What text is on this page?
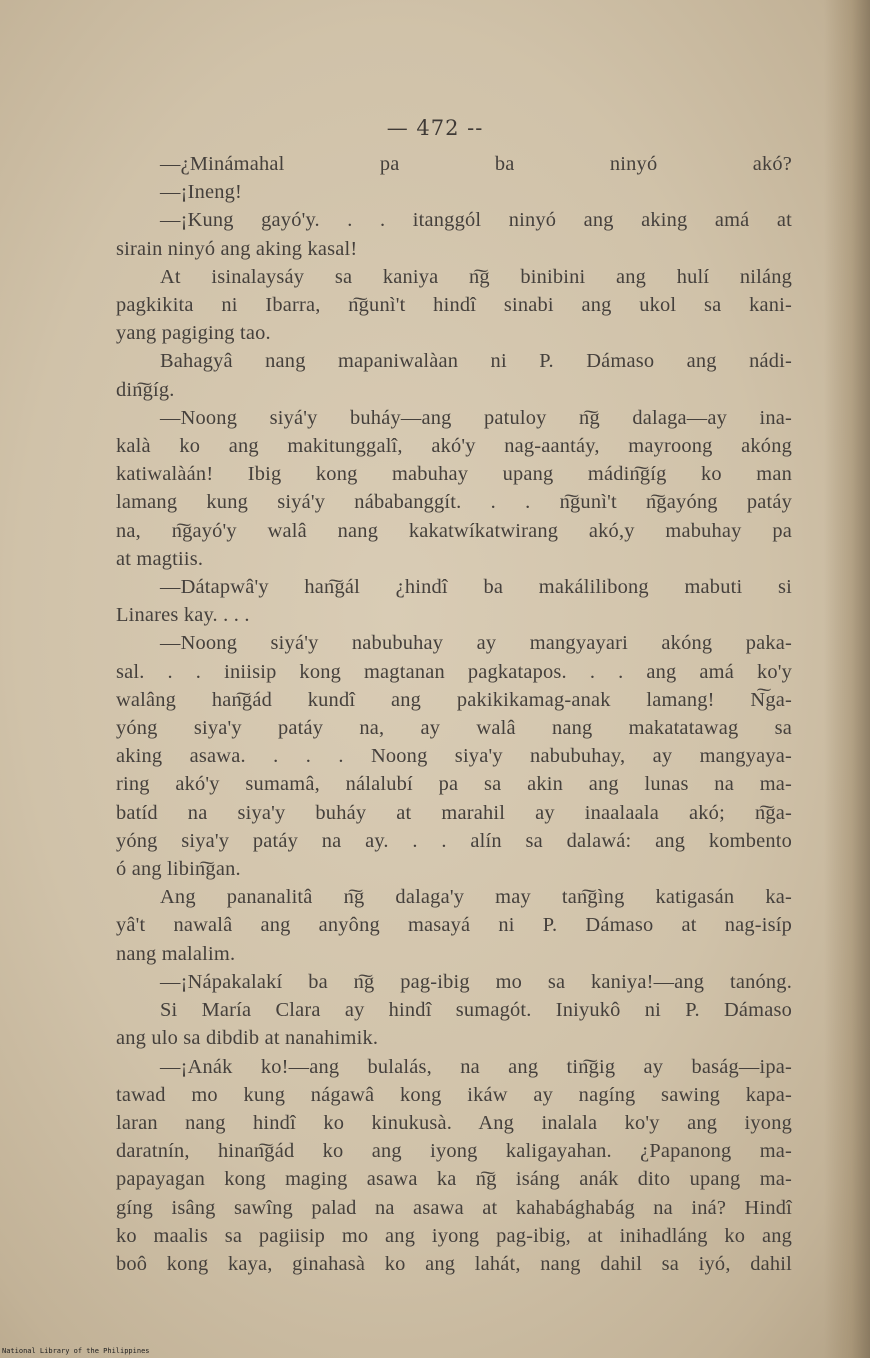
— 472 --

—¿Minámahal pa ba ninyó akó?

—¡Ineng!

—¡Kung gayó'y. . . itanggól ninyó ang aking amá at

sirain ninyó ang aking kasal!

At isinalaysáy sa kaniya n͠g binibini ang hulí niláng

pagkikita ni Ibarra, n͠gunì't hindî sinabi ang ukol sa kani-

yang pagiging tao.

Bahagyâ nang mapaniwalàan ni P. Dámaso ang nádi-

din͠gíg.

—Noong siyá'y buháy—ang patuloy n͠g dalaga—ay ina-

kalà ko ang makitunggalî, akó'y nag-aantáy, mayroong akóng

katiwalàán! Ibig kong mabuhay upang mádin͠gíg ko man

lamang kung siyá'y nábabanggít. . . n͠gunì't n͠gayóng patáy

na, n͠gayó'y walâ nang kakatwíkatwirang akó,y mabuhay pa

at magtiis.

—Dátapwâ'y han͠gál ¿hindî ba makálilibong mabuti si

Linares kay. . . .

—Noong siyá'y nabubuhay ay mangyayari akóng paka-

sal. . . iniisip kong magtanan pagkatapos. . . ang amá ko'y

walâng han͠gád kundî ang pakikikamag-anak lamang! N͠ga-

yóng siya'y patáy na, ay walâ nang makatatawag sa

aking asawa. . . . Noong siya'y nabubuhay, ay mangyaya-

ring akó'y sumamâ, nálalubí pa sa akin ang lunas na ma-

batíd na siya'y buháy at marahil ay inaalaala akó; n͠ga-

yóng siya'y patáy na ay. . . alín sa dalawá: ang kombento

ó ang libin͠gan.

Ang pananalitâ n͠g dalaga'y may tan͠gìng katigasán ka-

yâ't nawalâ ang anyông masayá ni P. Dámaso at nag-isíp

nang malalim.

—¡Nápakalakí ba n͠g pag-ibig mo sa kaniya!—ang tanóng.

Si María Clara ay hindî sumagót. Iniyukô ni P. Dámaso

ang ulo sa dibdib at nanahimik.

—¡Anák ko!—ang bulalás, na ang tin͠gig ay baság—ipa-

tawad mo kung nágawâ kong ikáw ay nagíng sawing kapa-

laran nang hindî ko kinukusà. Ang inalala ko'y ang iyong

daratnín, hinan͠gád ko ang iyong kaligayahan. ¿Papanong ma-

papayagan kong maging asawa ka n͠g isáng anák dito upang ma-

gíng isâng sawîng palad na asawa at kahabághabág na iná? Hindî

ko maalis sa pagiisip mo ang iyong pag-ibig, at inihadláng ko ang

boô kong kaya, ginahasà ko ang lahát, nang dahil sa iyó, dahil

National Library of the Philippines
